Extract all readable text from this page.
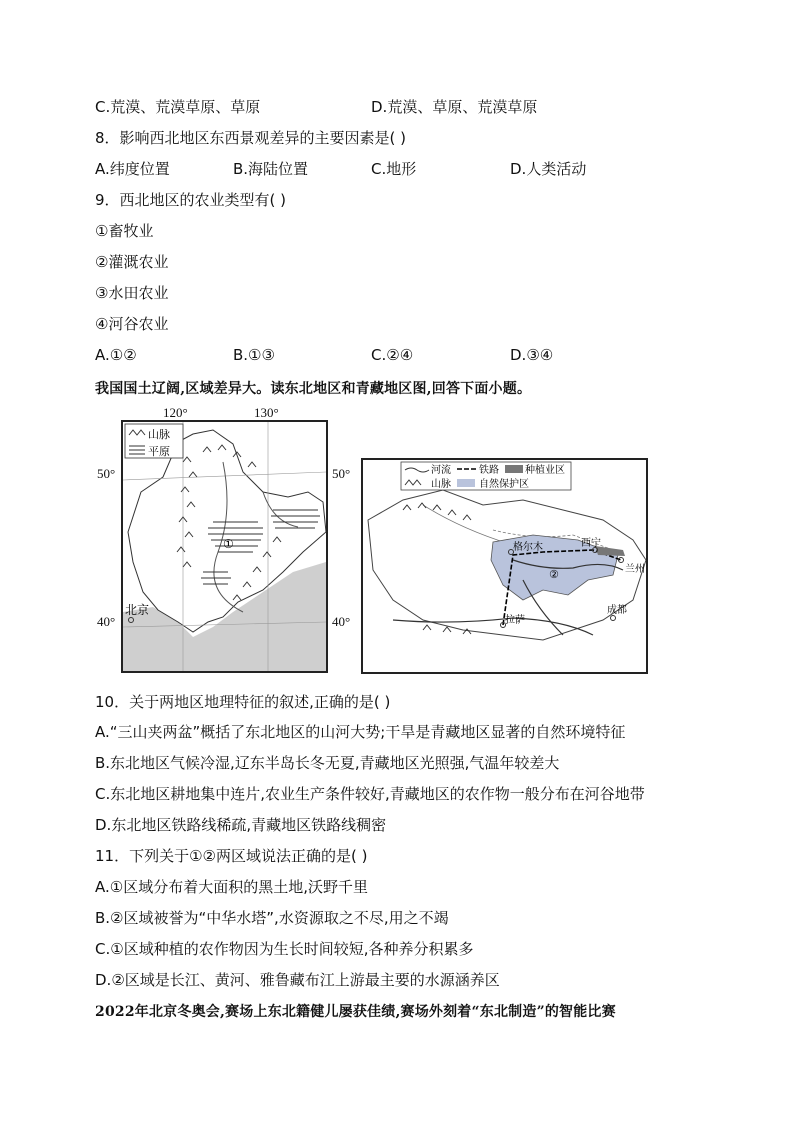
C.荒漠、荒漠草原、草原	D.荒漠、草原、荒漠草原
8．影响西北地区东西景观差异的主要因素是( )
A.纬度位置	B.海陆位置	C.地形	D.人类活动
9．西北地区的农业类型有( )
①畜牧业
②灌溉农业
③水田农业
④河谷农业
A.①②	B.①③	C.②④	D.③④
我国国土辽阔,区域差异大。读东北地区和青藏地区图,回答下面小题。
120°	130°
50°
40°
山脉
平原
北京
①
50°
40°
河流	铁路	种植业区
山脉	自然保护区
格尔木	西宁
兰州
拉萨
成都
②
10．关于两地区地理特征的叙述,正确的是( )
A.“三山夹两盆”概括了东北地区的山河大势;干旱是青藏地区显著的自然环境特征
B.东北地区气候冷湿,辽东半岛长冬无夏,青藏地区光照强,气温年较差大
C.东北地区耕地集中连片,农业生产条件较好,青藏地区的农作物一般分布在河谷地带
D.东北地区铁路线稀疏,青藏地区铁路线稠密
11．下列关于①②两区域说法正确的是( )
A.①区域分布着大面积的黑土地,沃野千里
B.②区域被誉为“中华水塔”,水资源取之不尽,用之不竭
C.①区域种植的农作物因为生长时间较短,各种养分积累多
D.②区域是长江、黄河、雅鲁藏布江上游最主要的水源涵养区
2022年北京冬奥会,赛场上东北籍健儿屡获佳绩,赛场外刻着“东北制造”的智能比赛
